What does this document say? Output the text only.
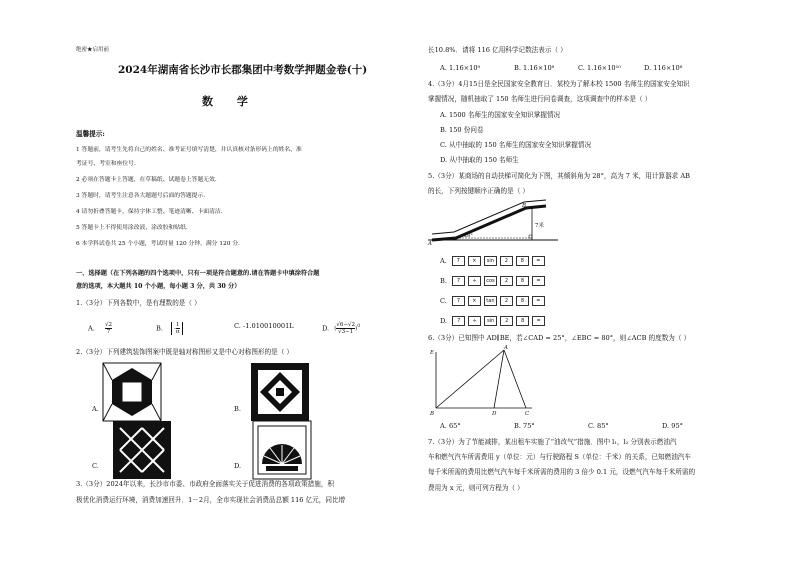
绝密★启用前
2024年湖南省长沙市长郡集团中考数学押题金卷(十)
数 学
温馨提示:
1 答题前，请考生先将自己的姓名、准考证号填写清楚，并认真核对条形码上的姓名、准
考证号、考室和座位号.
2 必须在答题卡上答题，在草稿纸、试题卷上答题无效.
3 答题时，请考生注意各大题题号后面的答题提示.
4 请勿折叠答题卡，保持字体工整、笔迹清晰、卡面清洁.
5 答题卡上不得使用涂改液、涂改胶和贴纸.
6 本学科试卷共 25 个小题，考试时量 120 分钟，满分 120 分.
一、选择题（在下列各题的四个选项中，只有一项是符合题意的.请在答题卡中填涂符合题
意的选项，本大题共 10 个小题，每小题 3 分，共 30 分）
1.（3分）下列各数中，是有理数的是（ ）
A. $\frac{√2}{7}$	B. - $\frac{1}{\pi}$	C. -1.010010001L	D. ( $\frac{√6-√2}{√3-1})^0$
2.（3分）下列建筑装饰图案中既是轴对称图形又是中心对称图形的是（ ）
A.	B.
C.	D.
3.（3分）2024年以来，长沙市市委、市政府全面落实关于促进消费的各项政策措施，积
极优化消费运行环境，消费加速回升．1－2月，全市实现社会消费品总额 116 亿元，同比增
长10.8%．请将 116 亿用科学记数法表示（ ）
A. 1.16×10⁹	B. 1.16×10⁸	C. 1.16×10¹⁰	D. 116×10⁸
4.（3分）4月15日是全民国家安全教育日．某校为了解本校 1500 名师生的国家安全知识
掌握情况，随机抽取了 150 名师生进行问卷调查，这项调查中的样本是（ ）
A. 1500 名师生的国家安全知识掌握情况
B. 150 份问卷
C. 从中抽取的 150 名师生的国家安全知识掌握情况
D. 从中抽取的 150 名师生
5.（3分）某商场的自动扶梯可简化为下图，其倾斜角为 28°，高为 7 米，用计算器求 AB
的长，下列按键顺序正确的是（ ）
B
A
7米
28°
A.	7	×	sin	2	8	=
B.	7	÷	cos	2	8	=
C.	7	×	tan	2	8	=
D.	7	÷	sin	2	8	=
6.（3分）已知图中 AD∥BE，若∠CAD = 25°，∠EBC = 80°，则∠ACB 的度数为（ ）
E
A
B	D	C
A. 65°	B. 75°	C. 85°	D. 95°
7.（3分）为了节能减排，某出租车实施了“油改气”措施．图中 l₁，l₂ 分别表示燃油汽
车和燃气汽车所需费用 y（单位：元）与行驶路程 S（单位：千米）的关系，已知燃油汽车
每千米所需的费用比燃气汽车每千米所需的费用的 3 倍少 0.1 元，设燃气汽车每千米所需的
费用为 x 元，则可列方程为（ ）
